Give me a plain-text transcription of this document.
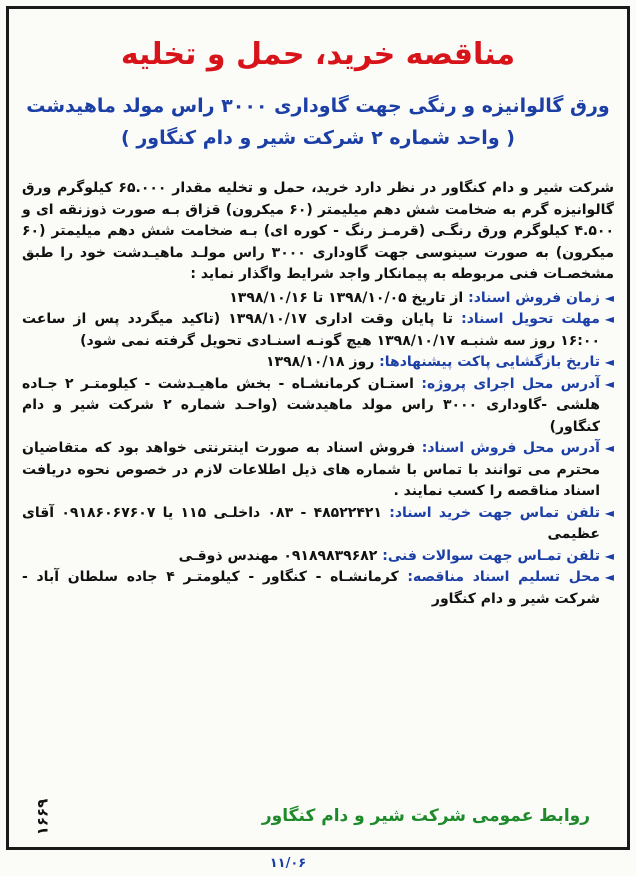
مناقصه خرید، حمل و تخلیه
ورق گالوانیزه و رنگی جهت گاوداری ۳۰۰۰ راس مولد ماهیدشت
( واحد شماره ۲ شرکت شیر و دام کنگاور )

شرکت شیر و دام کنگاور در نظر دارد خرید، حمل و تخلیه مقدار ۶۵.۰۰۰ کیلوگرم ورق گالوانیزه گرم به ضخامت شش دهم میلیمتر (۶۰ میکرون) قزاق بـه صورت ذوزنقه ای و ۴.۵۰۰ کیلوگرم ورق رنگـی (قرمـز رنگ - کوره ای) بـه ضخامت شش دهم میلیمتر (۶۰ میکرون) به صورت سینوسی جهت گاوداری ۳۰۰۰ راس مولـد ماهیـدشت خود را طبق مشخصـات فنی مربوطه به پیمانکار واجد شرایط واگذار نماید :

◄
زمان فروش اسناد: از تاریخ ۱۳۹۸/۱۰/۰۵ تا ۱۳۹۸/۱۰/۱۶

◄
مهلت تحویل اسناد: تا پایان وقت اداری ۱۳۹۸/۱۰/۱۷ (تاکید میگردد پس از ساعت ۱۶:۰۰ روز سه شنبـه ۱۳۹۸/۱۰/۱۷ هیچ گونـه اسنـادی تحویل گرفته نمی شود)

◄
تاریخ بازگشایی پاکت پیشنهادها: روز ۱۳۹۸/۱۰/۱۸

◄
آدرس محل اجرای پروژه: استـان کرمانشـاه - بخش ماهیـدشت - کیلومتـر ۲ جـاده هلشی -گاوداری ۳۰۰۰ راس مولد ماهیدشت (واحـد شماره ۲ شرکت شیر و دام کنگاور)

◄
آدرس محل فروش اسناد: فروش اسناد به صورت اینترنتی خواهد بود که متقاضیان محترم می توانند با تماس با شماره های ذیل اطلاعات لازم در خصوص نحوه دریافت اسناد مناقصه را کسب نمایند .

◄
تلفن تماس جهت خرید اسناد: ۴۸۵۲۲۴۲۱ - ۰۸۳ داخلـی ۱۱۵ یا ۰۹۱۸۶۰۶۷۶۰۷ آقای عظیمی

◄
تلفن تمـاس جهت سوالات فنی: ۰۹۱۸۹۸۳۹۶۸۲ مهندس ذوقـی

◄
محل تسلیم اسناد مناقصه: کرمانشـاه - کنگاور - کیلومتـر ۴ جاده سلطان آباد - شرکت شیر و دام کنگاور

روابط عمومی شرکت شیر و دام کنگاور
۱۶۶۹
۱۱/۰۶
